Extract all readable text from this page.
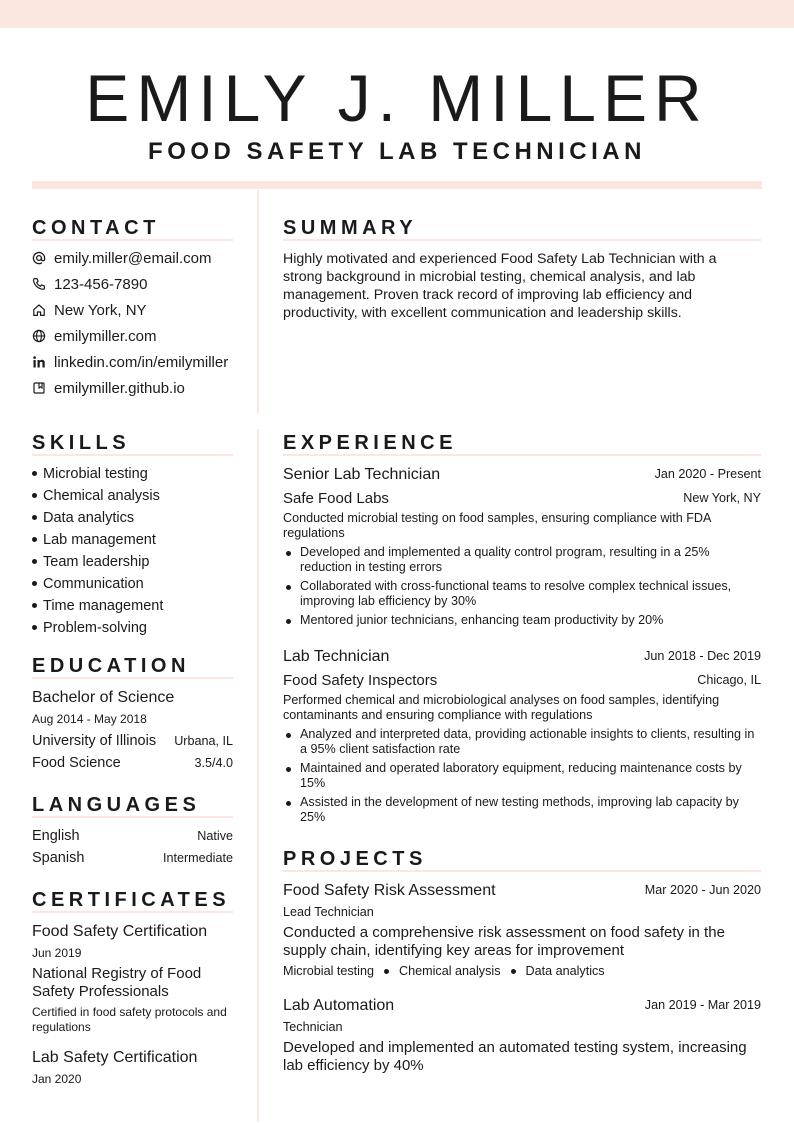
EMILY J. MILLER
FOOD SAFETY LAB TECHNICIAN
CONTACT
emily.miller@email.com
123-456-7890
New York, NY
emilymiller.com
linkedin.com/in/emilymiller
emilymiller.github.io
SUMMARY
Highly motivated and experienced Food Safety Lab Technician with a strong background in microbial testing, chemical analysis, and lab management. Proven track record of improving lab efficiency and productivity, with excellent communication and leadership skills.
SKILLS
Microbial testing
Chemical analysis
Data analytics
Lab management
Team leadership
Communication
Time management
Problem-solving
EDUCATION
Bachelor of Science
Aug 2014 - May 2018
University of Illinois	Urbana, IL
Food Science	3.5/4.0
LANGUAGES
English	Native
Spanish	Intermediate
CERTIFICATES
Food Safety Certification
Jun 2019
National Registry of Food Safety Professionals
Certified in food safety protocols and regulations
Lab Safety Certification
Jan 2020
EXPERIENCE
Senior Lab Technician	Jan 2020 - Present
Safe Food Labs	New York, NY
Conducted microbial testing on food samples, ensuring compliance with FDA regulations
Developed and implemented a quality control program, resulting in a 25% reduction in testing errors
Collaborated with cross-functional teams to resolve complex technical issues, improving lab efficiency by 30%
Mentored junior technicians, enhancing team productivity by 20%
Lab Technician	Jun 2018 - Dec 2019
Food Safety Inspectors	Chicago, IL
Performed chemical and microbiological analyses on food samples, identifying contaminants and ensuring compliance with regulations
Analyzed and interpreted data, providing actionable insights to clients, resulting in a 95% client satisfaction rate
Maintained and operated laboratory equipment, reducing maintenance costs by 15%
Assisted in the development of new testing methods, improving lab capacity by 25%
PROJECTS
Food Safety Risk Assessment	Mar 2020 - Jun 2020
Lead Technician
Conducted a comprehensive risk assessment on food safety in the supply chain, identifying key areas for improvement
Microbial testing Chemical analysis Data analytics
Lab Automation	Jan 2019 - Mar 2019
Technician
Developed and implemented an automated testing system, increasing lab efficiency by 40%
